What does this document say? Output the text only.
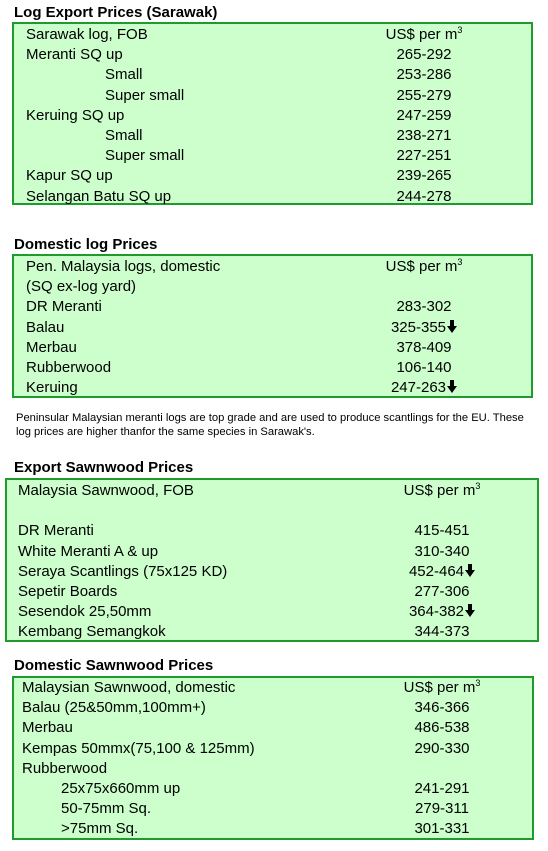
Peninsular Malaysian meranti logs are top grade and are used to produce scantlings for the EU. These log prices are higher thanfor the same species in Sarawak's.
Log Export Prices (Sarawak)
Sarawak log, FOB	US$ per $m^3$
Meranti SQ up	265-292
Small	253-286
Super small	255-279
Keruing SQ up	247-259
Small	238-271
Super small	227-251
Kapur SQ up	239-265
Selangan Batu SQ up	244-278
Domestic log Prices
Pen. Malaysia logs, domestic	US$ per $m^3$
(SQ ex-log yard)
DR Meranti	283-302
Balau	325-355
Merbau	378-409
Rubberwood	106-140
Keruing	247-263
Export Sawnwood Prices
Malaysia Sawnwood, FOB	US$ per $m^3$
DR Meranti	415-451
White Meranti A & up	310-340
Seraya Scantlings (75x125 KD)	452-464
Sepetir Boards	277-306
Sesendok 25,50mm	364-382
Kembang Semangkok	344-373
Domestic Sawnwood Prices
Malaysian Sawnwood, domestic	US$ per $m^3$
Balau (25&50mm,100mm+)	346-366
Merbau	486-538
Kempas 50mmx(75,100 & 125mm)	290-330
Rubberwood
25x75x660mm up	241-291
50-75mm Sq.	279-311
>75mm Sq.	301-331
